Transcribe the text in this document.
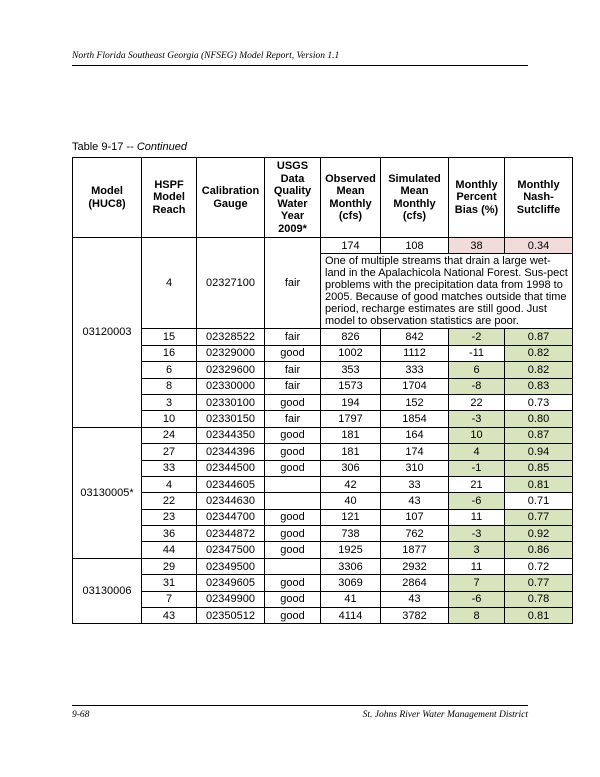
North Florida Southeast Georgia (NFSEG) Model Report, Version 1.1
Table 9-17 -- Continued
Model (HUC8)	HSPF Model Reach	Calibration Gauge	USGS Data Quality Water Year 2009*	Observed Mean Monthly (cfs)	Simulated Mean Monthly (cfs)	Monthly Percent Bias (%)	Monthly Nash-Sutcliffe
03120003	4	02327100	fair	174	108	38	0.34
				One of multiple streams that drain a large wet-land in the Apalachicola National Forest. Sus-pect problems with the precipitation data from 1998 to 2005. Because of good matches outside that time period, recharge estimates are still good. Just model to observation statistics are poor.			
	15	02328522	fair	826	842	-2	0.87
	16	02329000	good	1002	1112	-11	0.82
	6	02329600	fair	353	333	6	0.82
	8	02330000	fair	1573	1704	-8	0.83
	3	02330100	good	194	152	22	0.73
	10	02330150	fair	1797	1854	-3	0.80
03130005*	24	02344350	good	181	164	10	0.87
	27	02344396	good	181	174	4	0.94
	33	02344500	good	306	310	-1	0.85
	4	02344605		42	33	21	0.81
	22	02344630		40	43	-6	0.71
	23	02344700	good	121	107	11	0.77
	36	02344872	good	738	762	-3	0.92
	44	02347500	good	1925	1877	3	0.86
03130006	29	02349500		3306	2932	11	0.72
	31	02349605	good	3069	2864	7	0.77
	7	02349900	good	41	43	-6	0.78
	43	02350512	good	4114	3782	8	0.81
9-68	St. Johns River Water Management District
